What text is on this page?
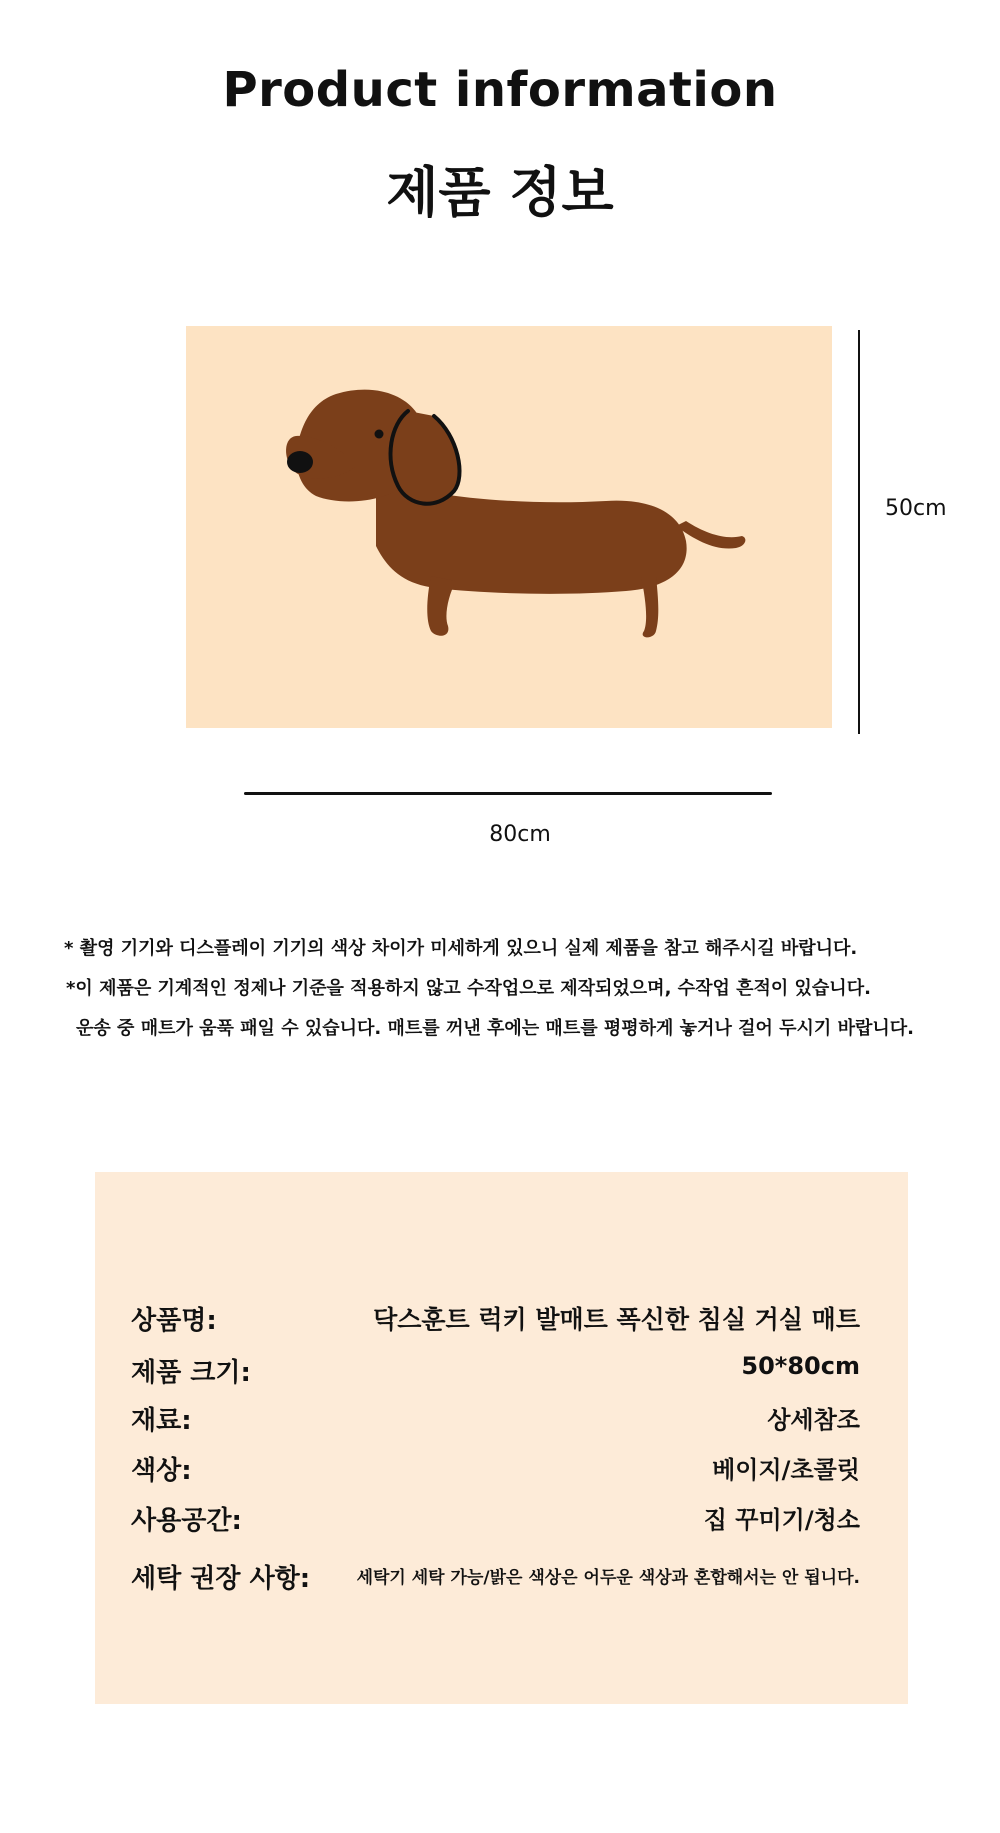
Product information
제품 정보
50cm
80cm
* 촬영 기기와 디스플레이 기기의 색상 차이가 미세하게 있으니 실제 제품을 참고 해주시길 바랍니다.
*이 제품은 기계적인 정제나 기준을 적용하지 않고 수작업으로 제작되었으며, 수작업 흔적이 있습니다.
운송 중 매트가 움푹 패일 수 있습니다. 매트를 꺼낸 후에는 매트를 평평하게 놓거나 걸어 두시기 바랍니다.
상품명:	닥스훈트 럭키 발매트 폭신한 침실 거실 매트
제품 크기:	50*80cm
재료:	상세참조
색상:	베이지/초콜릿
사용공간:	집 꾸미기/청소
세탁 권장 사항:	세탁기 세탁 가능/밝은 색상은 어두운 색상과 혼합해서는 안 됩니다.
